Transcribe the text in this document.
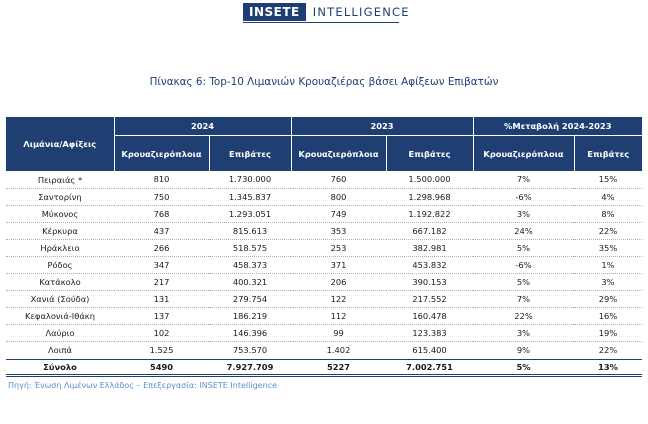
INSETE	INTELLIGENCE
Πίνακας 6: Top-10 Λιμανιών Κρουαζιέρας βάσει Αφίξεων Επιβατών
Λιμάνια/Αφίξεις	2024		2023		%Μεταβολή 2024-2023	
	Κρουαζιερόπλοια	Επιβάτες	Κρουαζιερόπλοια	Επιβάτες	Κρουαζιερόπλοια	Επιβάτες
Πειραιάς *	810	1.730.000	760	1.500.000	7%	15%
Σαντορίνη	750	1.345.837	800	1.298.968	-6%	4%
Μύκονος	768	1.293.051	749	1.192.822	3%	8%
Κέρκυρα	437	815.613	353	667.182	24%	22%
Ηράκλειο	266	518.575	253	382.981	5%	35%
Ρόδος	347	458.373	371	453.832	-6%	1%
Κατάκολο	217	400.321	206	390.153	5%	3%
Χανιά (Σούδα)	131	279.754	122	217.552	7%	29%
Κεφαλονιά-Ιθάκη	137	186.219	112	160.478	22%	16%
Λαύριο	102	146.396	99	123.383	3%	19%
Λοιπά	1.525	753.570	1.402	615.400	9%	22%
Σύνολο	5490	7.927.709	5227	7.002.751	5%	13%
Πηγή: Ένωση Λιμένων Ελλάδος – Επεξεργασία: INSETE Intelligence
